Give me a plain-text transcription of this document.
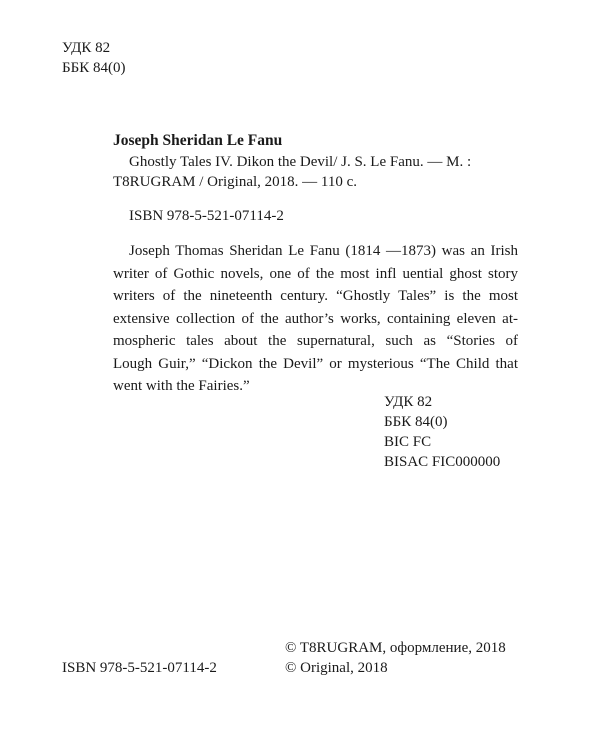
УДК 82
ББК 84(0)
Joseph Sheridan Le Fanu
Ghostly Tales IV. Dikon the Devil/ J. S. Le Fanu. — M. :
T8RUGRAM / Original, 2018. — 110 с.
ISBN 978-5-521-07114-2
Joseph Thomas Sheridan Le Fanu (1814 —1873) was an Irish
writer of Gothic novels, one of the most infl uential ghost story
writers of the nineteenth century. “Ghostly Tales” is the most
extensive collection of the author’s works, containing eleven at-
mospheric tales about the supernatural, such as “Stories of
Lough Guir,” “Dickon the Devil” or mysterious “The Child that
went with the Fairies.”
УДК 82
ББК 84(0)
BIC FC
BISAC FIC000000
© T8RUGRAM, оформление, 2018
© Original, 2018
ISBN 978-5-521-07114-2
